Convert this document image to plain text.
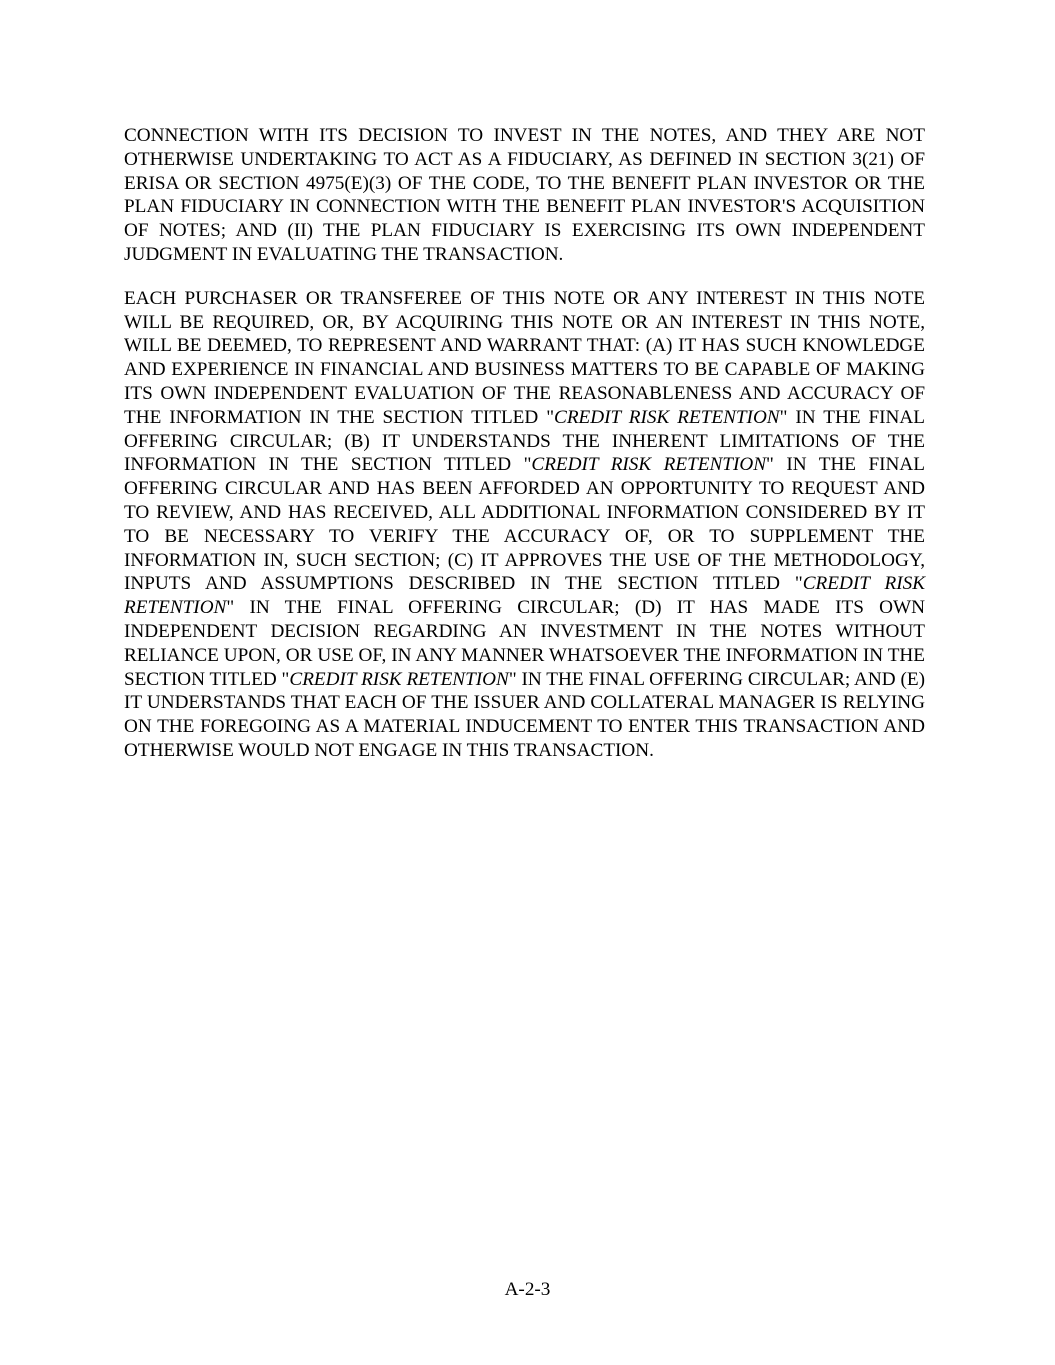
CONNECTION WITH ITS DECISION TO INVEST IN THE NOTES, AND THEY ARE NOT OTHERWISE UNDERTAKING TO ACT AS A FIDUCIARY, AS DEFINED IN SECTION 3(21) OF ERISA OR SECTION 4975(E)(3) OF THE CODE, TO THE BENEFIT PLAN INVESTOR OR THE PLAN FIDUCIARY IN CONNECTION WITH THE BENEFIT PLAN INVESTOR'S ACQUISITION OF NOTES; AND (II) THE PLAN FIDUCIARY IS EXERCISING ITS OWN INDEPENDENT JUDGMENT IN EVALUATING THE TRANSACTION.

EACH PURCHASER OR TRANSFEREE OF THIS NOTE OR ANY INTEREST IN THIS NOTE WILL BE REQUIRED, OR, BY ACQUIRING THIS NOTE OR AN INTEREST IN THIS NOTE, WILL BE DEEMED, TO REPRESENT AND WARRANT THAT: (A) IT HAS SUCH KNOWLEDGE AND EXPERIENCE IN FINANCIAL AND BUSINESS MATTERS TO BE CAPABLE OF MAKING ITS OWN INDEPENDENT EVALUATION OF THE REASONABLENESS AND ACCURACY OF THE INFORMATION IN THE SECTION TITLED "CREDIT RISK RETENTION" IN THE FINAL OFFERING CIRCULAR; (B) IT UNDERSTANDS THE INHERENT LIMITATIONS OF THE INFORMATION IN THE SECTION TITLED "CREDIT RISK RETENTION" IN THE FINAL OFFERING CIRCULAR AND HAS BEEN AFFORDED AN OPPORTUNITY TO REQUEST AND TO REVIEW, AND HAS RECEIVED, ALL ADDITIONAL INFORMATION CONSIDERED BY IT TO BE NECESSARY TO VERIFY THE ACCURACY OF, OR TO SUPPLEMENT THE INFORMATION IN, SUCH SECTION; (C) IT APPROVES THE USE OF THE METHODOLOGY, INPUTS AND ASSUMPTIONS DESCRIBED IN THE SECTION TITLED "CREDIT RISK RETENTION" IN THE FINAL OFFERING CIRCULAR; (D) IT HAS MADE ITS OWN INDEPENDENT DECISION REGARDING AN INVESTMENT IN THE NOTES WITHOUT RELIANCE UPON, OR USE OF, IN ANY MANNER WHATSOEVER THE INFORMATION IN THE SECTION TITLED "CREDIT RISK RETENTION" IN THE FINAL OFFERING CIRCULAR; AND (E) IT UNDERSTANDS THAT EACH OF THE ISSUER AND COLLATERAL MANAGER IS RELYING ON THE FOREGOING AS A MATERIAL INDUCEMENT TO ENTER THIS TRANSACTION AND OTHERWISE WOULD NOT ENGAGE IN THIS TRANSACTION.

A-2-3
